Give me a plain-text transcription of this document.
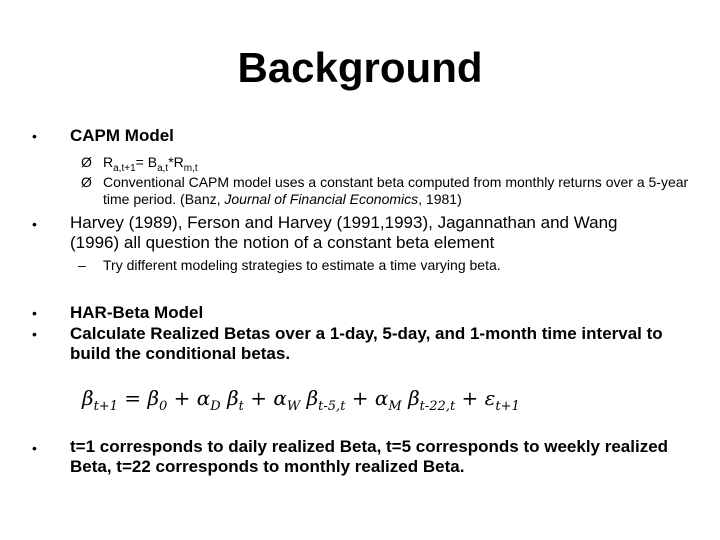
Background
• CAPM Model
Ø $R_{a,t+1}= B_{a,t}*R_{m,t}$
Ø Conventional CAPM model uses a constant beta computed from monthly returns over a 5-year time period. (Banz, Journal of Financial Economics, 1981)
• Harvey (1989), Ferson and Harvey (1991,1993), Jagannathan and Wang
(1996) all question the notion of a constant beta element
– Try different modeling strategies to estimate a time varying beta.
• HAR-Beta Model
• Calculate Realized Betas over a 1-day, 5-day, and 1-month time interval to
build the conditional betas.
$\beta_{t+1} = \beta_0 + \alpha_D$ $\beta_t + \alpha_W$ $\beta_{t-5,t} + \alpha_M$ $\beta_{t-22,t} + \varepsilon_{t+1}$
• t=1 corresponds to daily realized Beta, t=5 corresponds to weekly realized
Beta, t=22 corresponds to monthly realized Beta.
